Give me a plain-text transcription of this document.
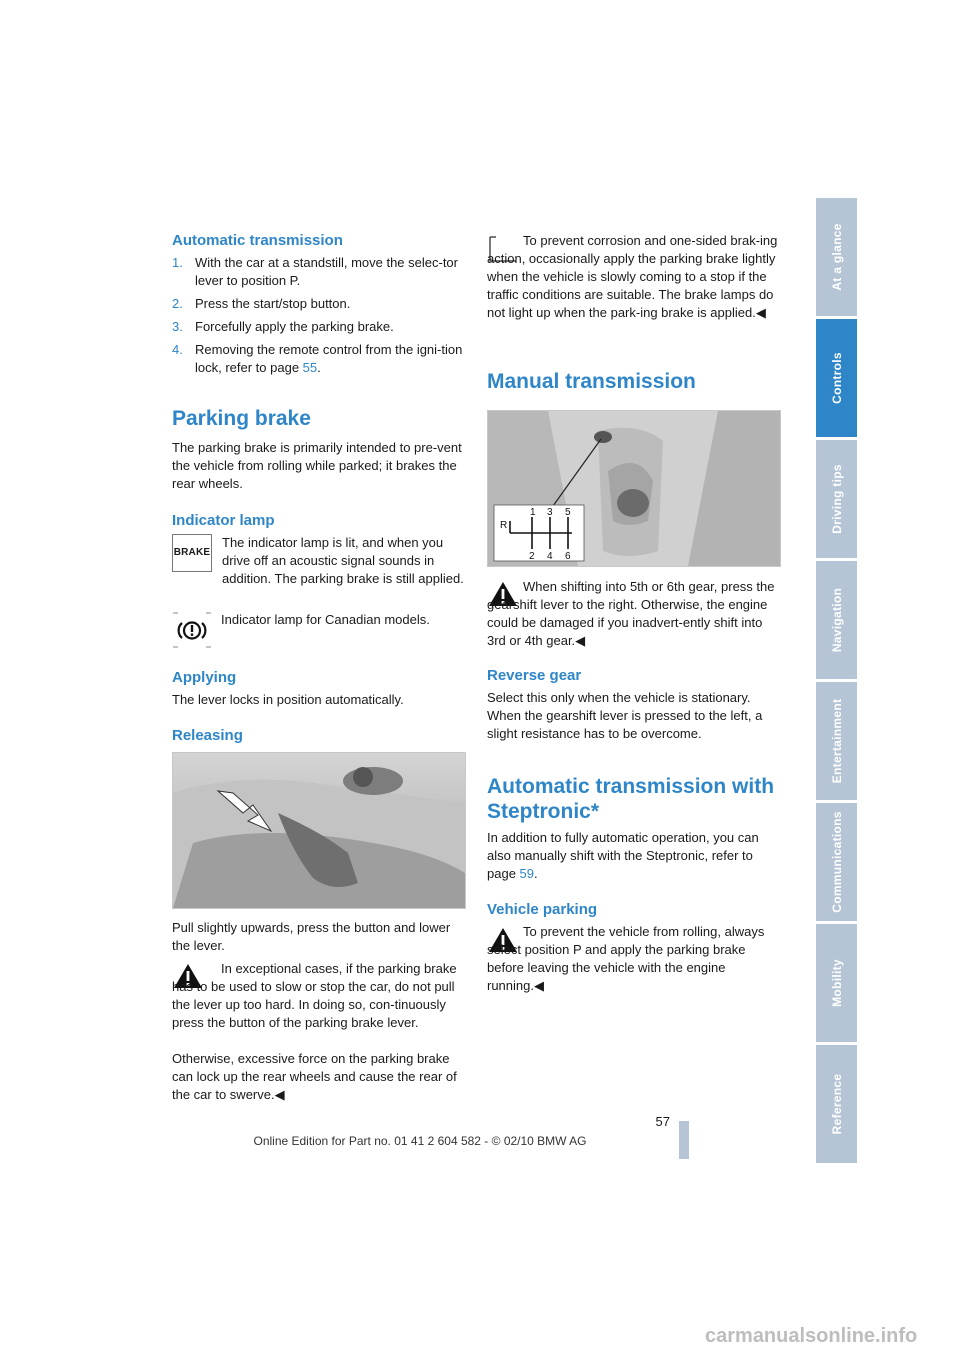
At a glance
Controls
Driving tips
Navigation
Entertainment
Communications
Mobility
Reference
Automatic transmission
1. With the car at a standstill, move the selec-tor lever to position P.
2. Press the start/stop button.
3. Forcefully apply the parking brake.
4. Removing the remote control from the igni-tion lock, refer to page 55.
Parking brake

The parking brake is primarily intended to pre-vent the vehicle from rolling while parked; it brakes the rear wheels.

Indicator lamp
BRAKE
The indicator lamp is lit, and when you drive off an acoustic signal sounds in addition. The parking brake is still applied.

Indicator lamp for Canadian models.

Applying

The lever locks in position automatically.

Releasing

Pull slightly upwards, press the button and lower the lever.

In exceptional cases, if the parking brake has to be used to slow or stop the car, do not pull the lever up too hard. In doing so, con-tinuously press the button of the parking brake lever.

Otherwise, excessive force on the parking brake can lock up the rear wheels and cause the rear of the car to swerve.◀

To prevent corrosion and one-sided brak-ing action, occasionally apply the parking brake lightly when the vehicle is slowly coming to a stop if the traffic conditions are suitable. The brake lamps do not light up when the park-ing brake is applied.◀

Manual transmission
1 3 5
2 4 6
R

When shifting into 5th or 6th gear, press the gearshift lever to the right. Otherwise, the engine could be damaged if you inadvert-ently shift into 3rd or 4th gear.◀

Reverse gear

Select this only when the vehicle is stationary. When the gearshift lever is pressed to the left, a slight resistance has to be overcome.

Automatic transmission with
Steptronic*

In addition to fully automatic operation, you can also manually shift with the Steptronic, refer to page 59.

Vehicle parking

To prevent the vehicle from rolling, always select position P and apply the parking brake before leaving the vehicle with the engine running.◀

57
Online Edition for Part no. 01 41 2 604 582 - © 02/10 BMW AG
carmanualsonline.info
